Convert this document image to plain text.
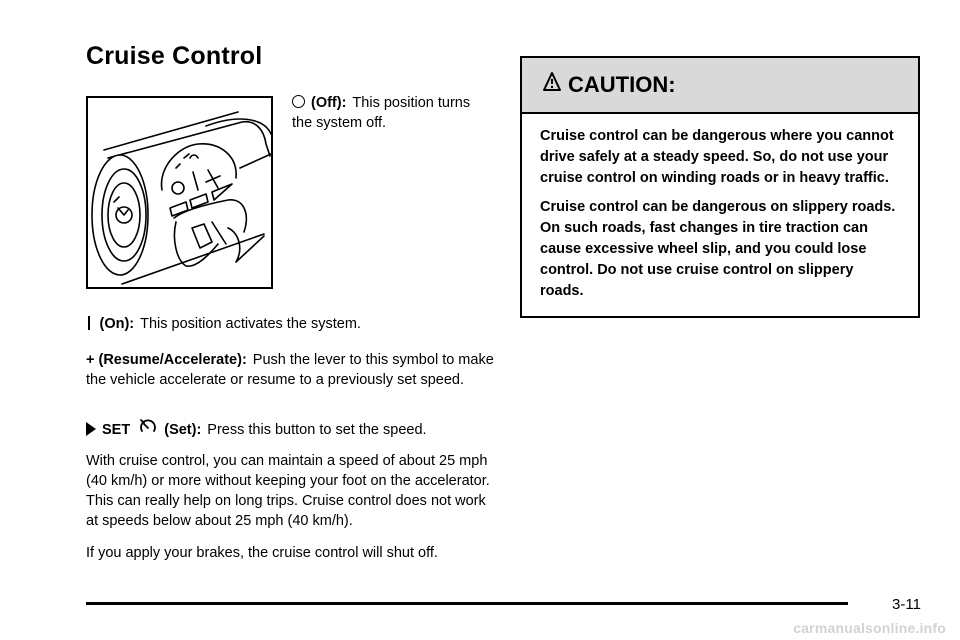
Cruise Control
(Off): This position turns the system off.

(On): This position activates the system.

+ (Resume/Accelerate): Push the lever to this symbol to make the vehicle accelerate or resume to a previously set speed.

SET (Set): Press this button to set the speed.

With cruise control, you can maintain a speed of about 25 mph (40 km/h) or more without keeping your foot on the accelerator. This can really help on long trips. Cruise control does not work at speeds below about 25 mph (40 km/h).

If you apply your brakes, the cruise control will shut off.

CAUTION:

Cruise control can be dangerous where you cannot drive safely at a steady speed. So, do not use your cruise control on winding roads or in heavy traffic.

Cruise control can be dangerous on slippery roads. On such roads, fast changes in tire traction can cause excessive wheel slip, and you could lose control. Do not use cruise control on slippery roads.

3-11
carmanualsonline.info
